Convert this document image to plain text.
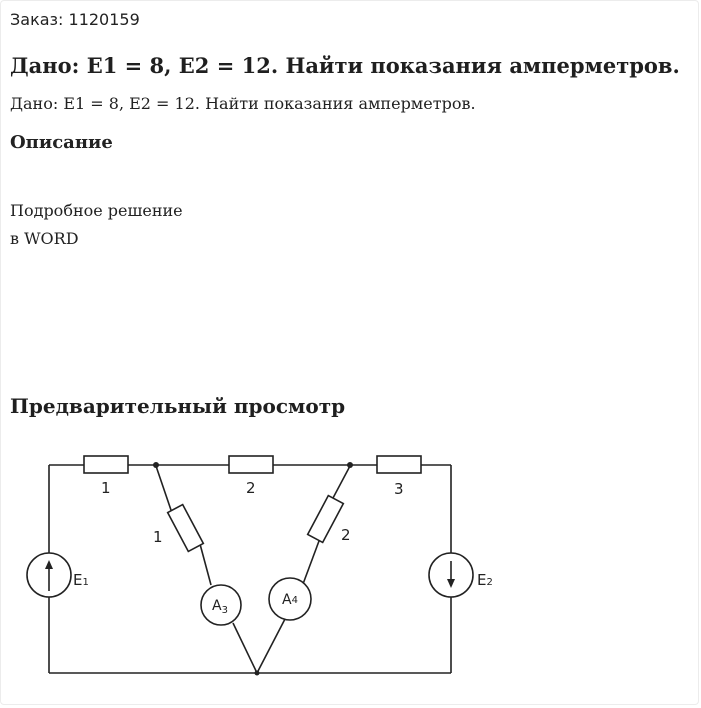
Заказ: 1120159
Дано: E1 = 8, E2 = 12. Найти показания амперметров.
Дано: E1 = 8, E2 = 12. Найти показания амперметров.
Описание
Подробное решение
в WORD
Предварительный просмотр
1	2	3
1	2
$A_3$
A4
E1	E2
